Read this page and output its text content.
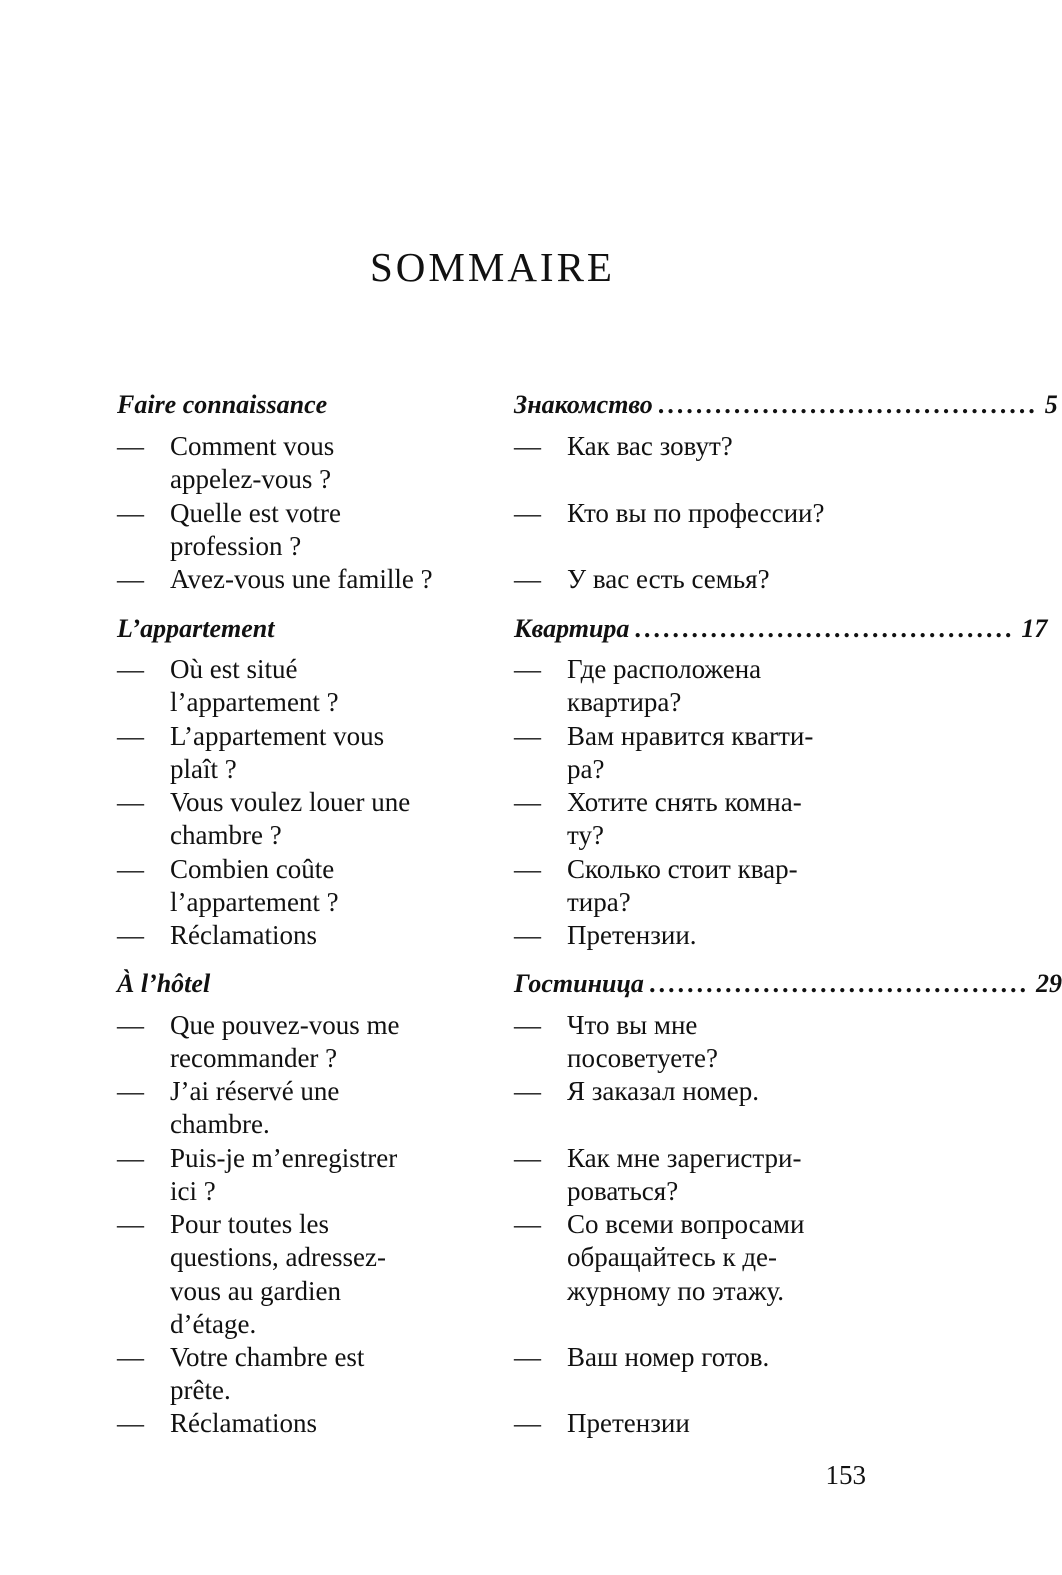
SOMMAIRE
Faire connaissance
— Comment vous
appelez-vous ?
— Quelle est votre
profession ?
— Avez-vous une famille ?
L’appartement
— Où est situé
l’appartement ?
— L’appartement vous
plaît ?
— Vous voulez louer une
chambre ?
— Combien coûte
l’appartement ?
— Réclamations
À l’hôtel
— Que pouvez-vous me
recommander ?
— J’ai réservé une
chambre.
— Puis-je m’enregistrer
ici ?
— Pour toutes les
questions, adressez-
vous au gardien
d’étage.
— Votre chambre est
prête.
— Réclamations
Знакомство ........................................ 5
— Как вас зовут?
— Кто вы по профессии?
— У вас есть семья?
Квартира ........................................ 17
— Где расположена
квартира?
— Вам нравится квarти-
ра?
— Хотите снять комна-
ту?
— Сколько стоит квар-
тира?
— Претензии.
Гостиница ........................................ 29
— Что вы мне
посоветуете?
— Я заказал номер.
— Как мне зарегистри-
роваться?
— Со всеми вопросами
обращайтесь к де-
журному по этажу.
— Ваш номер готов.
— Претензии
153
